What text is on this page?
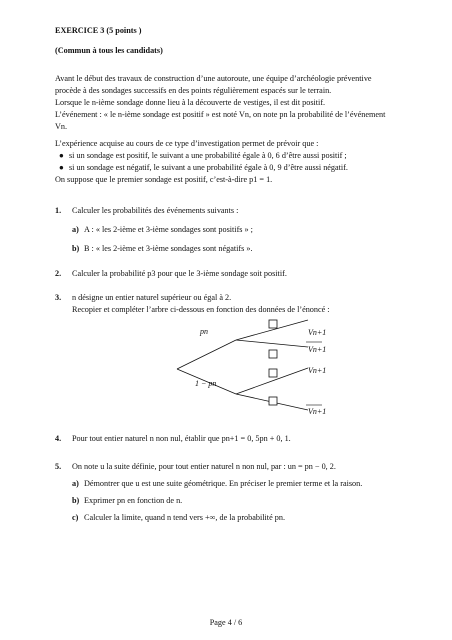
EXERCICE 3 (5 points )
(Commun à tous les candidats)
Avant le début des travaux de construction d’une autoroute, une équipe d’archéologie préventive
procède à des sondages successifs en des points régulièrement espacés sur le terrain.
Lorsque le n-ième sondage donne lieu à la découverte de vestiges, il est dit positif.
L’événement : « le n-ième sondage est positif » est noté Vn, on note pn la probabilité de l’événement
Vn.
L’expérience acquise au cours de ce type d’investigation permet de prévoir que :
● si un sondage est positif, le suivant a une probabilité égale à 0, 6 d’être aussi positif ;
● si un sondage est négatif, le suivant a une probabilité égale à 0, 9 d’être aussi négatif.
On suppose que le premier sondage est positif, c’est-à-dire p1 = 1.
1. Calculer les probabilités des événements suivants :
a) A : « les 2-ième et 3-ième sondages sont positifs » ;
b) B : « les 2-ième et 3-ième sondages sont négatifs ».
2. Calculer la probabilité p3 pour que le 3-ième sondage soit positif.
3. n désigne un entier naturel supérieur ou égal à 2.
Recopier et compléter l’arbre ci-dessous en fonction des données de l’énoncé :
pn
1 − pn
Vn+1
Vn+1
Vn+1
Vn+1
4. Pour tout entier naturel n non nul, établir que pn+1 = 0, 5pn + 0, 1.
5. On note u la suite définie, pour tout entier naturel n non nul, par : un = pn − 0, 2.
a) Démontrer que u est une suite géométrique. En préciser le premier terme et la raison.
b) Exprimer pn en fonction de n.
c) Calculer la limite, quand n tend vers +∞, de la probabilité pn.
Page 4 / 6
